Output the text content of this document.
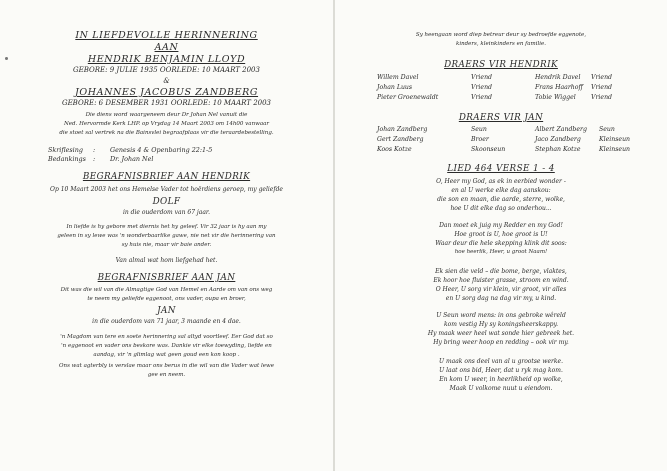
IN LIEFDEVOLLE HERINNERING
AAN
HENDRIK BENJAMIN LLOYD
GEBORE: 9 JULIE 1935 OORLEDE: 10 MAART 2003
&
JOHANNES JACOBUS ZANDBERG
GEBORE: 6 DESEMBER 1931 OORLEDE: 10 MAART 2003
Die diens word waargeneem deur Dr Johan Nel vanuit die
Ned. Hervormde Kerk LHP. op Vrydag 14 Maart 2003 om 14h00 vanwaar
die stoet sal vertrek na die Bainsvlei begraafplaas vir die teraardebestelling.
Skriflesing : Genesis 4 & Openbaring 22:1-5
Bedankings : Dr. Johan Nel
BEGRAFNISBRIEF AAN HENDRIK
Op 10 Maart 2003 het ons Hemelse Vader tot hoërdiens geroep, my geliefde
DOLF
in die ouderdom van 67 jaar.
In liefde is hy gebore met diernis het hy geleef. Vir 32 jaar is hy aan my
geleen in sy lewe was 'n wonderbaarlike gawe, nie net vir die herinnering van
sy huis nie, maar vir baie ander.
Van almal wat hom liefgehad het.
BEGRAFNISBRIEF AAN JAN
Dit was die wil van die Almagtige God van Hemel en Aarde om van ons weg
te neem my geliefde eggenoot, ons vader, oupa en broer,
JAN
in die ouderdom van 71 jaar, 3 maande en 4 dae.
'n Magdom van tere en soete herinnering sal altyd voortleef. Eer God dat so
'n eggenoot en vader ons beskore was. Dankie vir elke toewyding, liefde en
aandag, vir 'n glimlag wat geen goud een kon koop .
Ons wat agterbly is verslae maar ons berus in die wil van die Vader wat lewe
gee en neem.
Sy heengaan word diep betreur deur sy bedroefde eggenote,
kinders, kleinkinders en familie.
DRAERS VIR HENDRIK
Willem Davel	Vriend	Hendrik Davel Vriend
Johan Luus	Vriend	Frans Haarhoff Vriend
Pieter Groenewaldt	Vriend	Tobie Wiggel Vriend
DRAERS VIR JAN
Johan Zandberg	Seun	Albert Zandberg Seun
Gert Zandberg	Broer	Jaco Zandberg	Kleinseun
Koos Kotze	Skoonseun	Stephan Kotze	Kleinseun
LIED 464 VERSE 1 - 4
O, Heer my God, as ek in eerbied wonder -
en al U werke elke dag aanskou:
die son en maan, die aarde, sterre, wolke,
hoe U dit elke dag so onderhou...
Dan moet ek juig my Redder en my God!
Hoe groot is U, hoe groot is U!
Waar deur die hele skepping klink dit soos:
hoe heerlik, Heer, u groot Naam!
Ek sien die veld – die bome, berge, vlaktes,
Ek hoor hoe fluister grasse, stroom en wind.
O Heer, U sorg vir klein, vir groot, vir alles
en U sorg dag na dag vir my, u kind.
U Seun word mens: in ons gebroke wêreld
kom vestig Hy sy koningsheerskappy.
Hy maak weer heel wat sonde hier gebreek het.
Hy bring weer hoop en redding – ook vir my.
U maak ons deel van al u grootse werke.
U laat ons bid, Heer, dat u ryk mag kom.
En kom U weer, in heerlikheid op wolke,
Maak U volkome nuut u eiendom.
